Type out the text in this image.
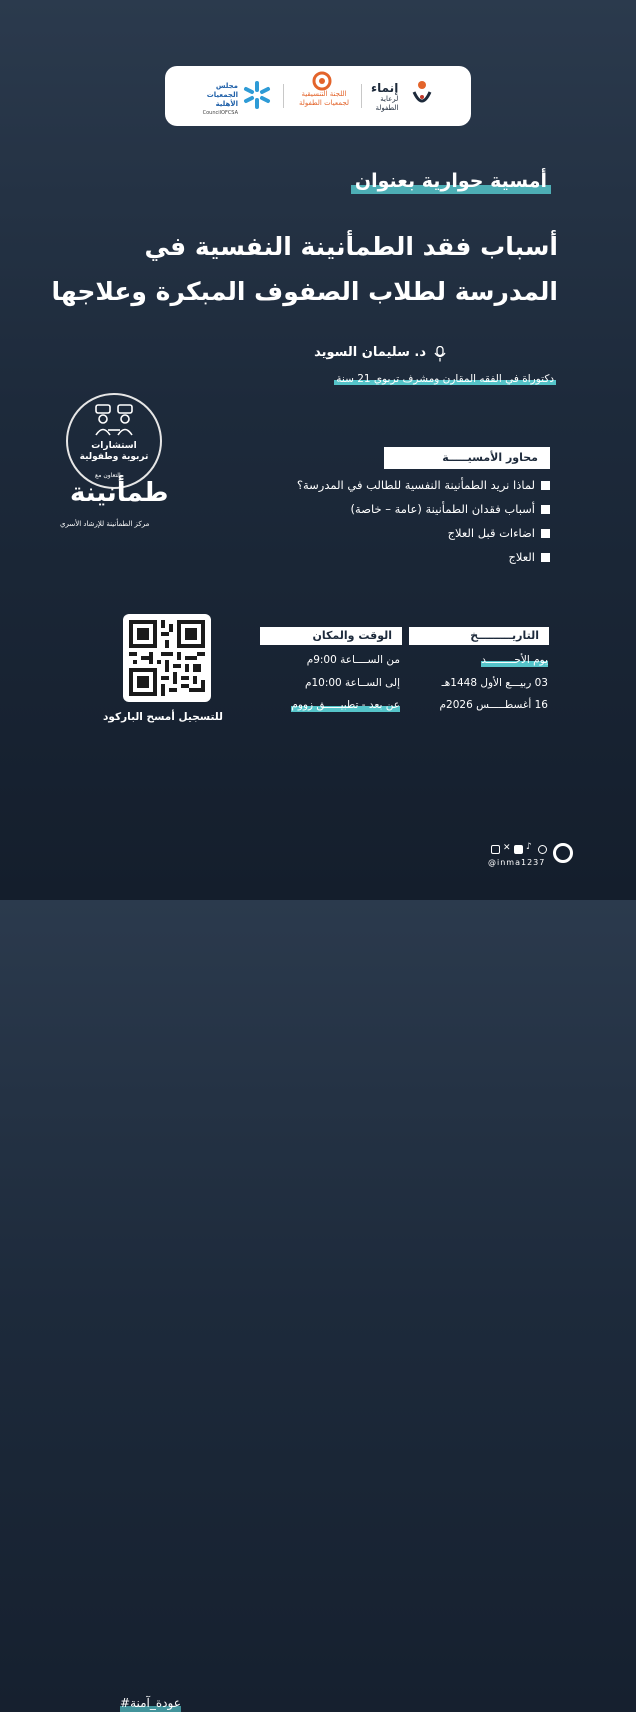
مجلس الجمعيات الأهلية
CouncilOFCSA
اللجنة التنسيقية
لجمعيات الطفولة
إنماء
لرعاية
الطفولة
أمسية حوارية بعنوان
أسباب فقد الطمأنينة النفسية في
المدرسة لطلاب الصفوف المبكرة وعلاجها
د. سليمان السويد
دكتوراة في الفقه المقارن ومشرف تربوي 21 سنة
استشارات
تربوية وطفولية
بالتعاون مع
طمأنينة
مركز الطمأنينة للإرشاد الأسري
محاور الأمسيـــــة
لماذا نريد الطمأنينة النفسية للطالب في المدرسة؟
أسباب فقدان الطمأنينة (عامة – خاصة)
اضاءات قبل العلاج
العلاج
للتسجيل أمسح الباركود
الوقت والمكان	التاريـــــــــخ
يوم الأحـــــــــد
03 ربيـــع الأول 1448هـ
16 أغسطـــــس 2026م
من الســــاعة 9:00م
إلى الســاعة 10:00م
عن بعد - تطبيـــــق زووم
$_{\#عودة\_آمنة}$
✕ ♪
@inma1237
